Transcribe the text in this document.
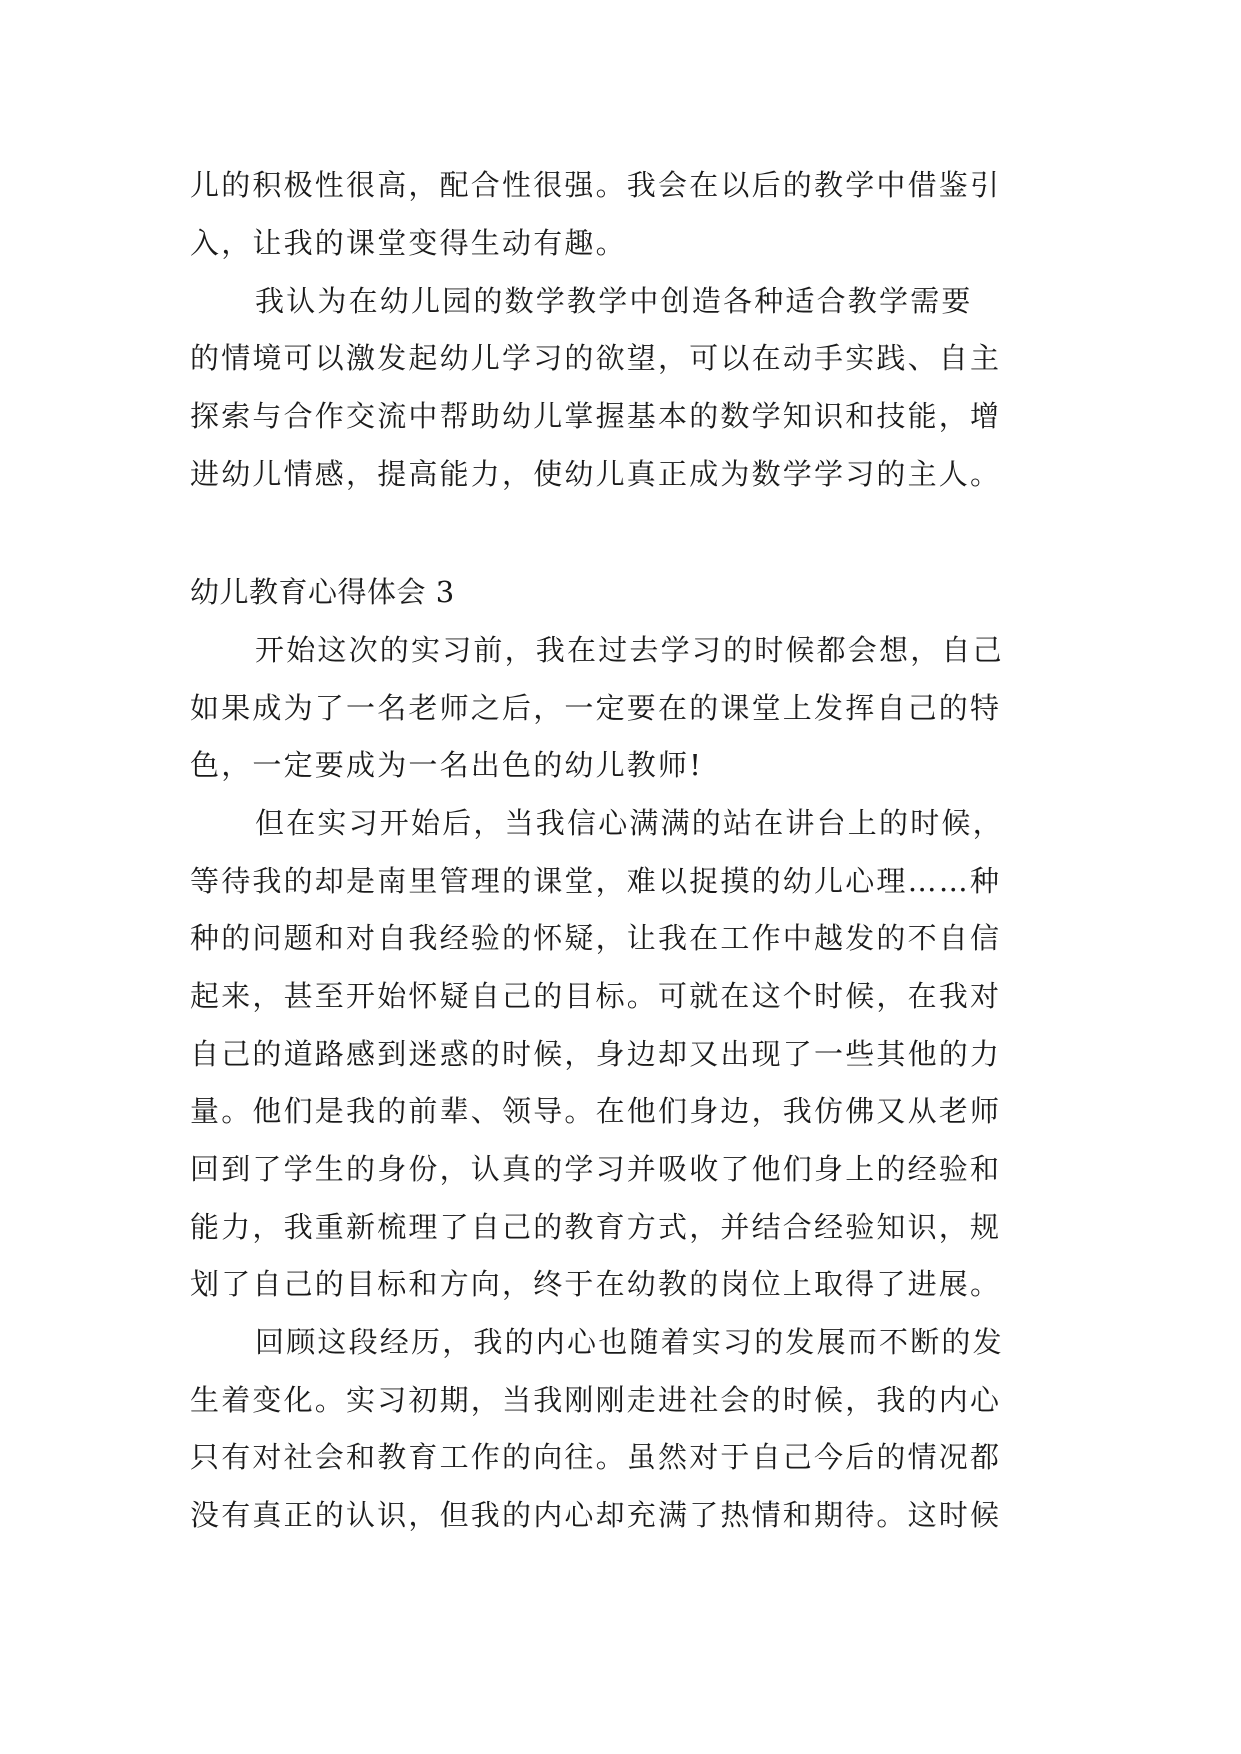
儿的积极性很高，配合性很强。我会在以后的教学中借鉴引

入，让我的课堂变得生动有趣。

我认为在幼儿园的数学教学中创造各种适合教学需要

的情境可以激发起幼儿学习的欲望，可以在动手实践、自主

探索与合作交流中帮助幼儿掌握基本的数学知识和技能，增

进幼儿情感，提高能力，使幼儿真正成为数学学习的主人。

幼儿教育心得体会 3

开始这次的实习前，我在过去学习的时候都会想，自己

如果成为了一名老师之后，一定要在的课堂上发挥自己的特

色，一定要成为一名出色的幼儿教师!

但在实习开始后，当我信心满满的站在讲台上的时候，

等待我的却是南里管理的课堂，难以捉摸的幼儿心理……种

种的问题和对自我经验的怀疑，让我在工作中越发的不自信

起来，甚至开始怀疑自己的目标。可就在这个时候，在我对

自己的道路感到迷惑的时候，身边却又出现了一些其他的力

量。他们是我的前辈、领导。在他们身边，我仿佛又从老师

回到了学生的身份，认真的学习并吸收了他们身上的经验和

能力，我重新梳理了自己的教育方式，并结合经验知识，规

划了自己的目标和方向，终于在幼教的岗位上取得了进展。

回顾这段经历，我的内心也随着实习的发展而不断的发

生着变化。实习初期，当我刚刚走进社会的时候，我的内心

只有对社会和教育工作的向往。虽然对于自己今后的情况都

没有真正的认识，但我的内心却充满了热情和期待。这时候
